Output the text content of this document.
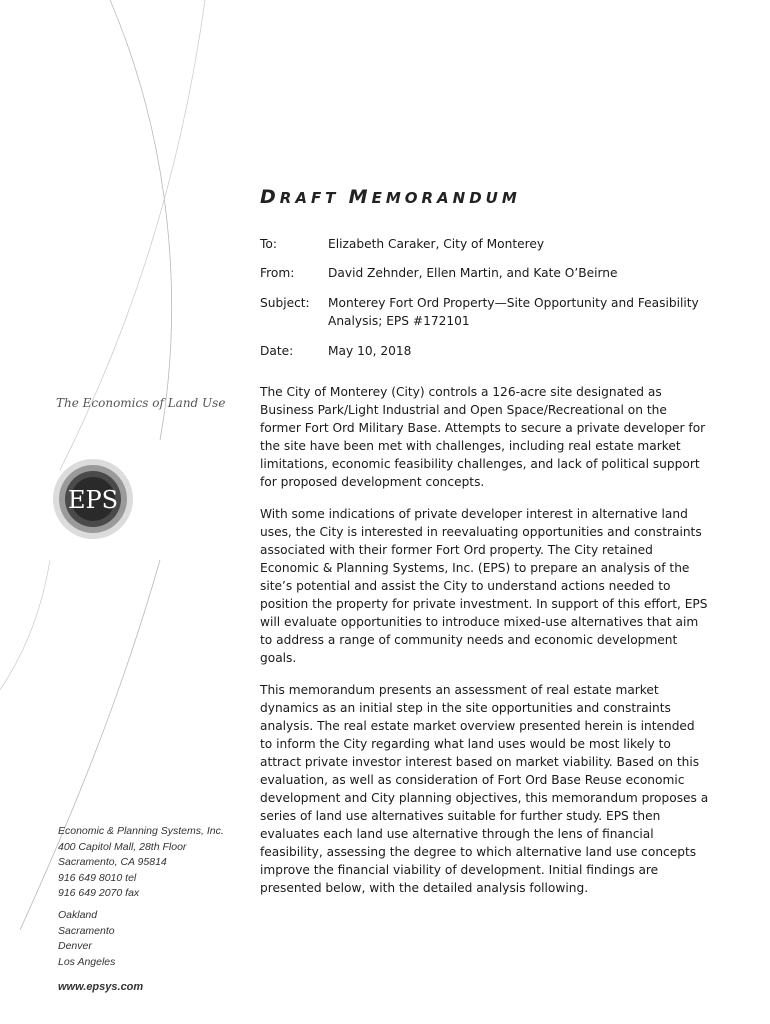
The Economics of Land Use
EPS
Economic & Planning Systems, Inc.
400 Capitol Mall, 28th Floor
Sacramento, CA 95814
916 649 8010 tel
916 649 2070 fax
Oakland
Sacramento
Denver
Los Angeles
www.epsys.com
DRAFT MEMORANDUM
To:	Elizabeth Caraker, City of Monterey
From:	David Zehnder, Ellen Martin, and Kate O’Beirne
Subject: Monterey Fort Ord Property—Site Opportunity and Feasibility Analysis; EPS #172101
Date:	May 10, 2018

The City of Monterey (City) controls a 126-acre site designated as Business Park/Light Industrial and Open Space/Recreational on the former Fort Ord Military Base. Attempts to secure a private developer for the site have been met with challenges, including real estate market limitations, economic feasibility challenges, and lack of political support for proposed development concepts.

With some indications of private developer interest in alternative land uses, the City is interested in reevaluating opportunities and constraints associated with their former Fort Ord property. The City retained Economic & Planning Systems, Inc. (EPS) to prepare an analysis of the site’s potential and assist the City to understand actions needed to position the property for private investment. In support of this effort, EPS will evaluate opportunities to introduce mixed-use alternatives that aim to address a range of community needs and economic development goals.

This memorandum presents an assessment of real estate market dynamics as an initial step in the site opportunities and constraints analysis. The real estate market overview presented herein is intended to inform the City regarding what land uses would be most likely to attract private investor interest based on market viability. Based on this evaluation, as well as consideration of Fort Ord Base Reuse economic development and City planning objectives, this memorandum proposes a series of land use alternatives suitable for further study. EPS then evaluates each land use alternative through the lens of financial feasibility, assessing the degree to which alternative land use concepts improve the financial viability of development. Initial findings are presented below, with the detailed analysis following.
